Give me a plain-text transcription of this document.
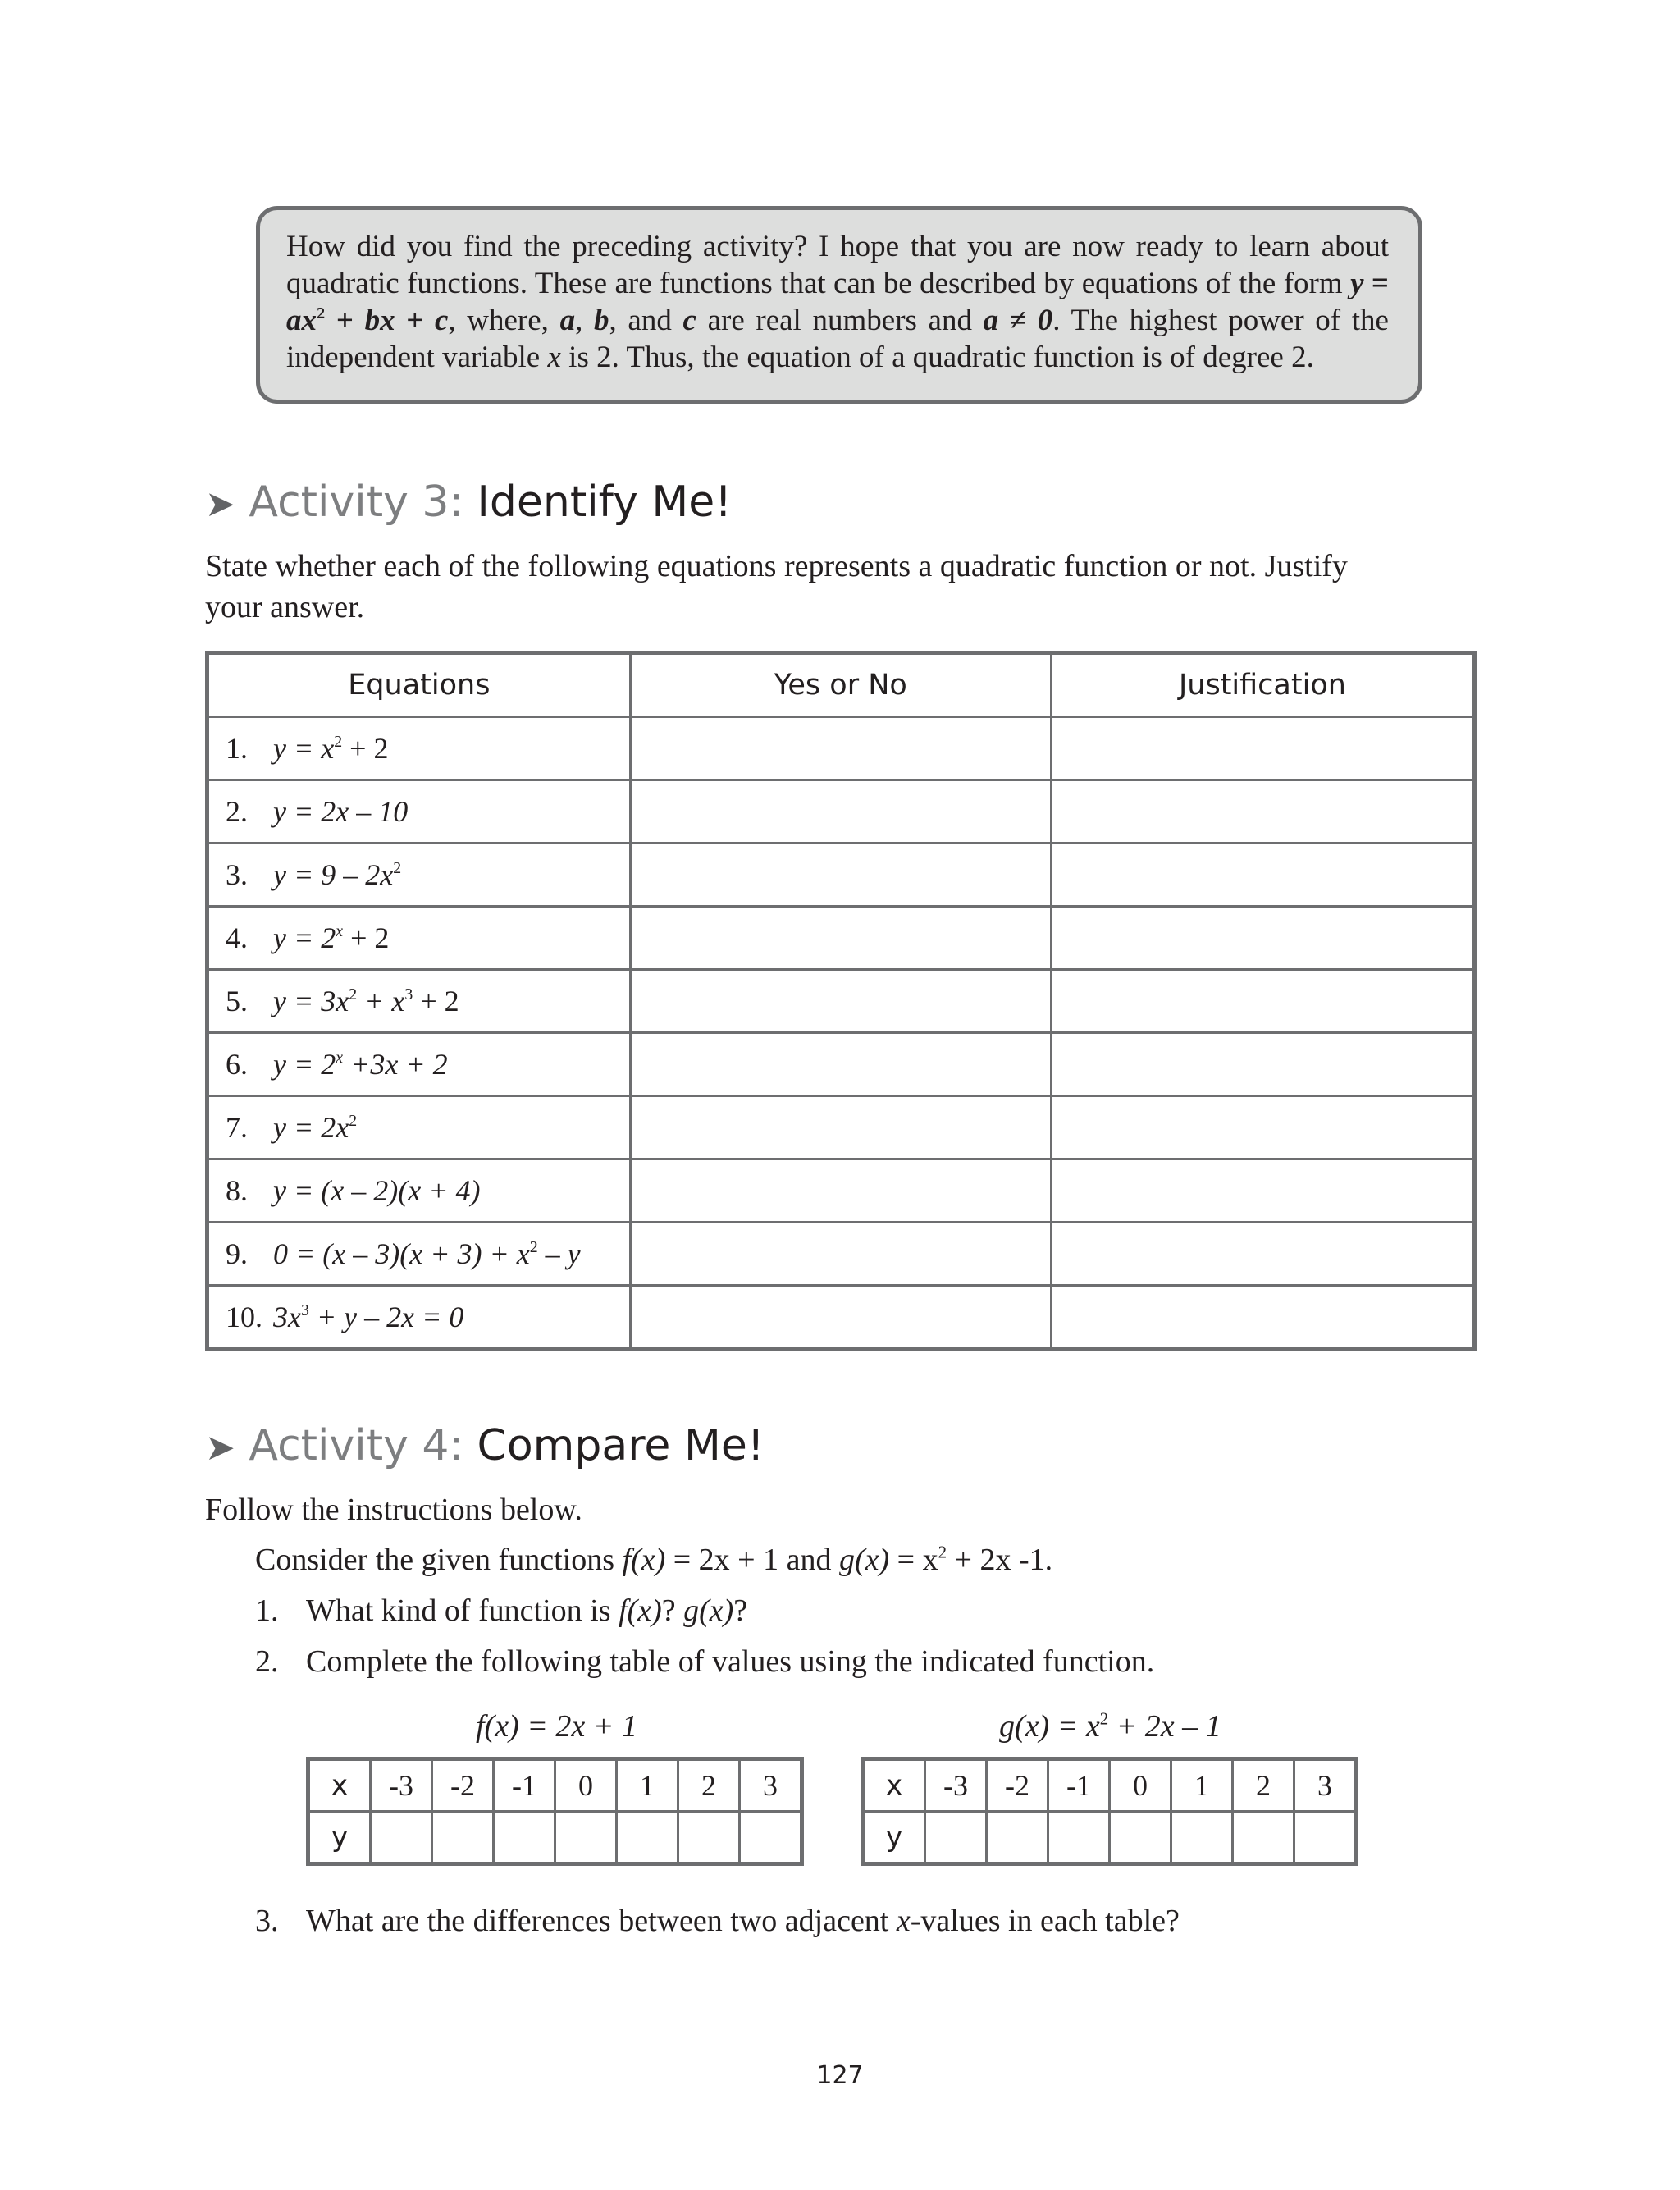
How did you find the preceding activity? I hope that you are now ready to learn about quadratic functions. These are functions that can be described by equations of the form $y = ax^2$ + bx + c, where, a, b, and c are real numbers and a ≠ 0. The highest power of the independent variable x is 2. Thus, the equation of a quadratic function is of degree 2.

➤ Activity 3: Identify Me!
State whether each of the following equations represents a quadratic function or not. Justify
your answer.
Equations	Yes or No	Justification
1. $y = x^2 + 2$		
2. y = 2x – 10		
3. $y = 9 - 2x^2$		
4. $y = 2^x + 2$		
5. $y = 3x^2 + x^3 + 2$		
6. $y = 2^x +3x + 2$		
7. $y = 2x^2$		
8. y = (x – 2)(x + 4)		
9. $0 = (x - 3)(x + 3) + x^2 - y$		
10. $3x^3 + y - 2x = 0$		
➤ Activity 4: Compare Me!
Follow the instructions below.
Consider the given functions f(x) = 2x + 1 and $g(x) = x^2 + 2x$ -1.
1. What kind of function is f(x)? g(x)?
2. Complete the following table of values using the indicated function.
f(x) = 2x + 1
x	-3	-2	-1	0	1	2	3
y							
$g(x) = x^2 + 2x - 1$
x	-3	-2	-1	0	1	2	3
y							
3. What are the differences between two adjacent x-values in each table?
127
